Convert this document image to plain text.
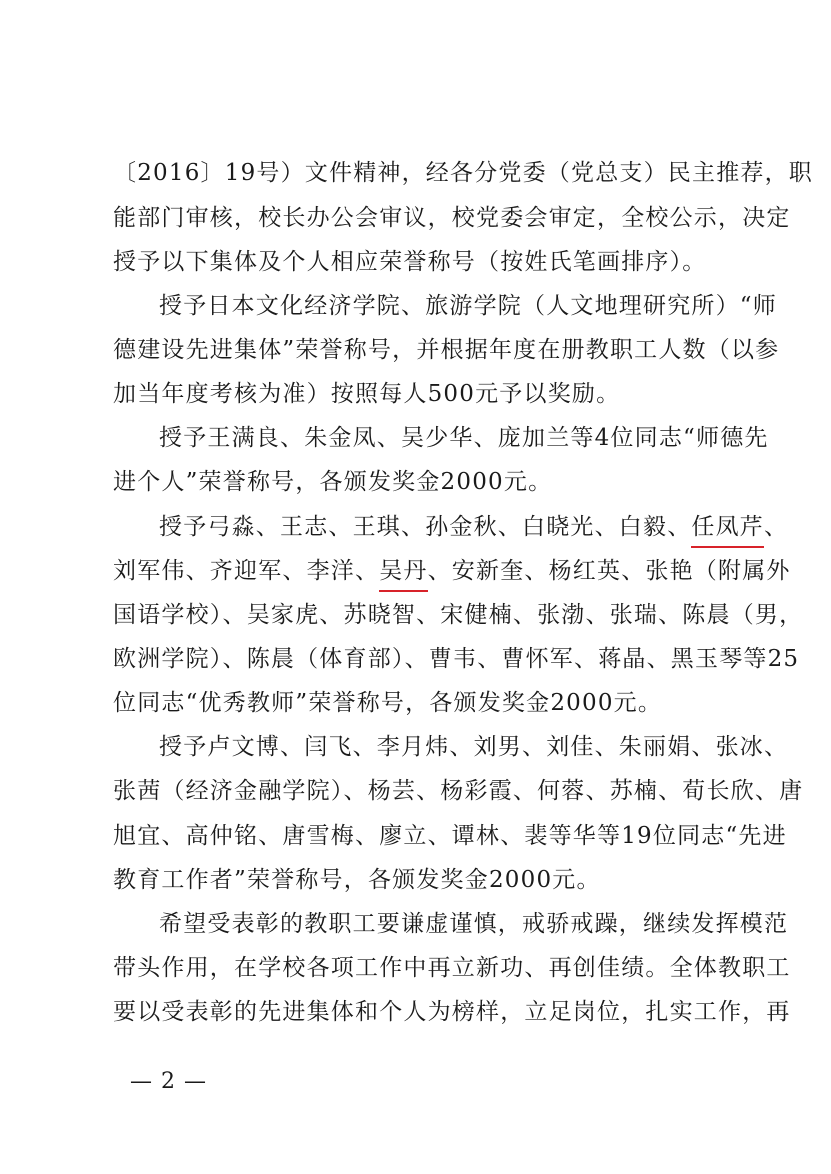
〔2016〕19号）文件精神，经各分党委（党总支）民主推荐，职
能部门审核，校长办公会审议，校党委会审定，全校公示，决定
授予以下集体及个人相应荣誉称号（按姓氏笔画排序）。
授予日本文化经济学院、旅游学院（人文地理研究所）“师
德建设先进集体”荣誉称号，并根据年度在册教职工人数（以参
加当年度考核为准）按照每人500元予以奖励。
授予王满良、朱金凤、吴少华、庞加兰等4位同志“师德先
进个人”荣誉称号，各颁发奖金2000元。
授予弓淼、王志、王琪、孙金秋、白晓光、白毅、任凤芹、
刘军伟、齐迎军、李洋、吴丹、安新奎、杨红英、张艳（附属外
国语学校）、吴家虎、苏晓智、宋健楠、张渤、张瑞、陈晨（男，
欧洲学院）、陈晨（体育部）、曹韦、曹怀军、蒋晶、黑玉琴等25
位同志“优秀教师”荣誉称号，各颁发奖金2000元。
授予卢文博、闫飞、李月炜、刘男、刘佳、朱丽娟、张冰、
张茜（经济金融学院）、杨芸、杨彩霞、何蓉、苏楠、荀长欣、唐
旭宜、高仲铭、唐雪梅、廖立、谭林、裴等华等19位同志“先进
教育工作者”荣誉称号，各颁发奖金2000元。
希望受表彰的教职工要谦虚谨慎，戒骄戒躁，继续发挥模范
带头作用，在学校各项工作中再立新功、再创佳绩。全体教职工
要以受表彰的先进集体和个人为榜样，立足岗位，扎实工作，再
— 2 —
